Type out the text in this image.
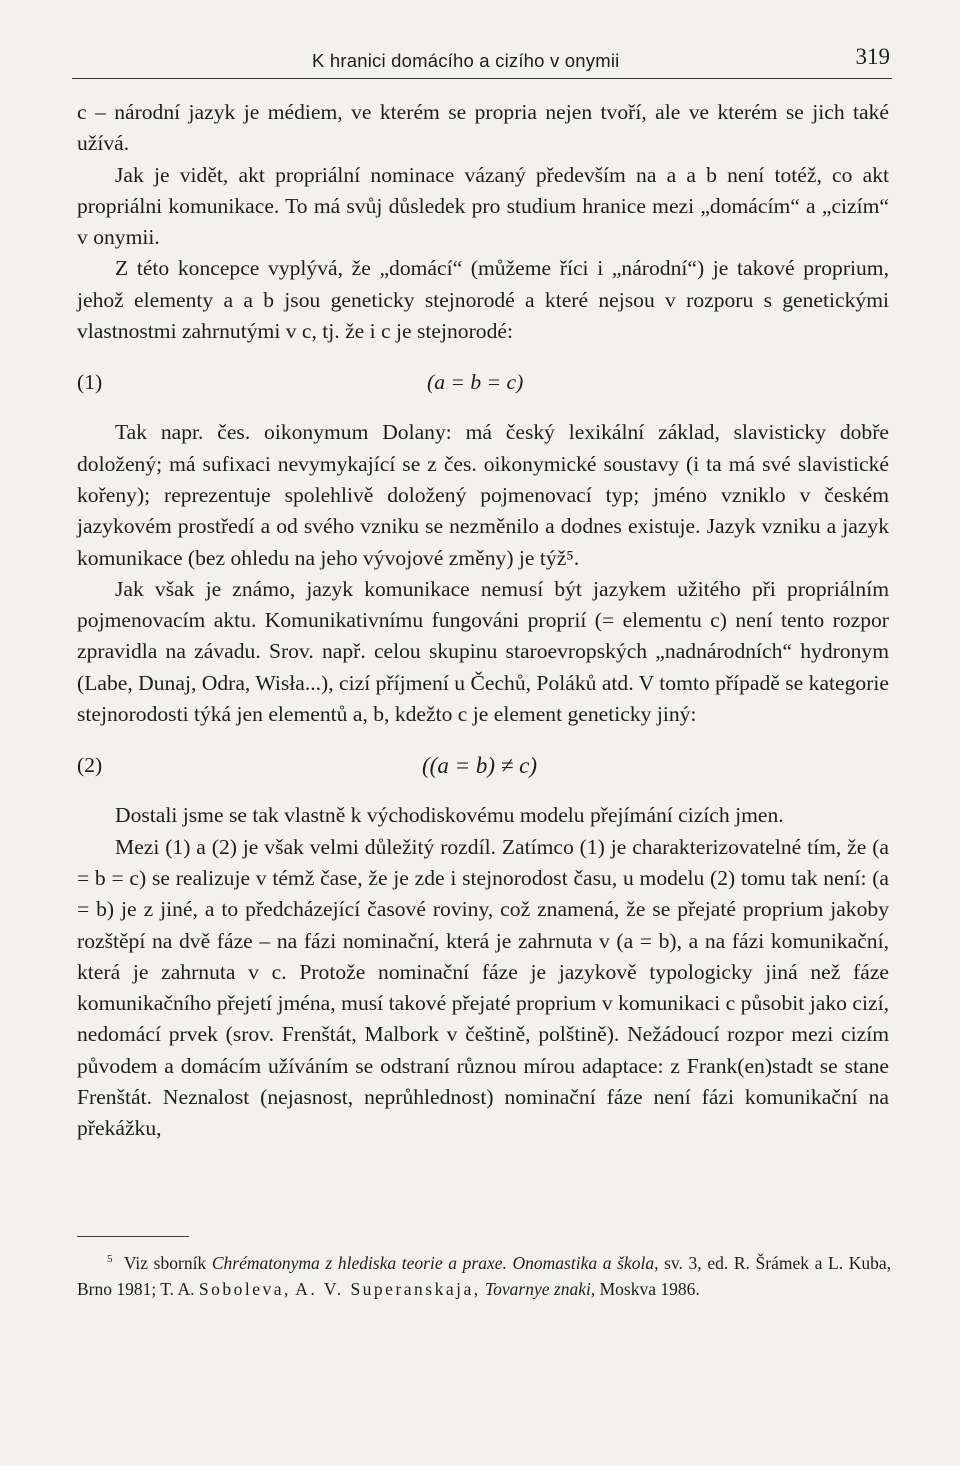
K hranici domácího a cizího v onymii	319
c – národní jazyk je médiem, ve kterém se propria nejen tvoří, ale ve kterém se jich také užívá.
Jak je vidět, akt propriální nominace vázaný především na a a b není totéž, co akt propriálni komunikace. To má svůj důsledek pro studium hranice mezi „domácím“ a „cizím“ v onymii.
Z této koncepce vyplývá, že „domácí“ (můžeme říci i „národní“) je takové proprium, jehož elementy a a b jsou geneticky stejnorodé a které nejsou v rozporu s genetickými vlastnostmi zahrnutými v c, tj. že i c je stejnorodé:
(1)	(a = b = c)
Tak napr. čes. oikonymum Dolany: má český lexikální základ, slavisticky dobře doložený; má sufixaci nevymykající se z čes. oikonymické soustavy (i ta má své slavistické kořeny); reprezentuje spolehlivě doložený pojmenovací typ; jméno vzniklo v českém jazykovém prostředí a od svého vzniku se nezměnilo a dodnes existuje. Jazyk vzniku a jazyk komunikace (bez ohledu na jeho vývojové změny) je týž⁵.
Jak však je známo, jazyk komunikace nemusí být jazykem užitého při propriálním pojmenovacím aktu. Komunikativnímu fungováni proprií (= elementu c) není tento rozpor zpravidla na závadu. Srov. např. celou skupinu staroevropských „nadnárodních“ hydronym (Labe, Dunaj, Odra, Wisła...), cizí příjmení u Čechů, Poláků atd. V tomto případě se kategorie stejnorodosti týká jen elementů a, b, kdežto c je element geneticky jiný:
(2)	((a = b) ≠ c)
Dostali jsme se tak vlastně k východiskovému modelu přejímání cizích jmen.
Mezi (1) a (2) je však velmi důležitý rozdíl. Zatímco (1) je charakterizovatelné tím, že (a = b = c) se realizuje v témž čase, že je zde i stejnorodost času, u modelu (2) tomu tak není: (a = b) je z jiné, a to předcházející časové roviny, což znamená, že se přejaté proprium jakoby rozštěpí na dvě fáze – na fázi nominační, která je zahrnuta v (a = b), a na fázi komunikační, která je zahrnuta v c. Protože nominační fáze je jazykově typologicky jiná než fáze komunikačního přejetí jména, musí takové přejaté proprium v komunikaci c působit jako cizí, nedomácí prvek (srov. Frenštát, Malbork v češtině, polštině). Nežádoucí rozpor mezi cizím původem a domácím užíváním se odstraní různou mírou adaptace: z Frank(en)stadt se stane Frenštát. Neznalost (nejasnost, neprůhlednost) nominační fáze není fázi komunikační na překážku,
$^5$ Viz sborník Chrématonyma z hlediska teorie a praxe. Onomastika a škola, sv. 3, ed. R. Šrámek a L. Kuba, Brno 1981; T. A. Soboleva, A. V. Superanskaja, Tovarnye znaki, Moskva 1986.
